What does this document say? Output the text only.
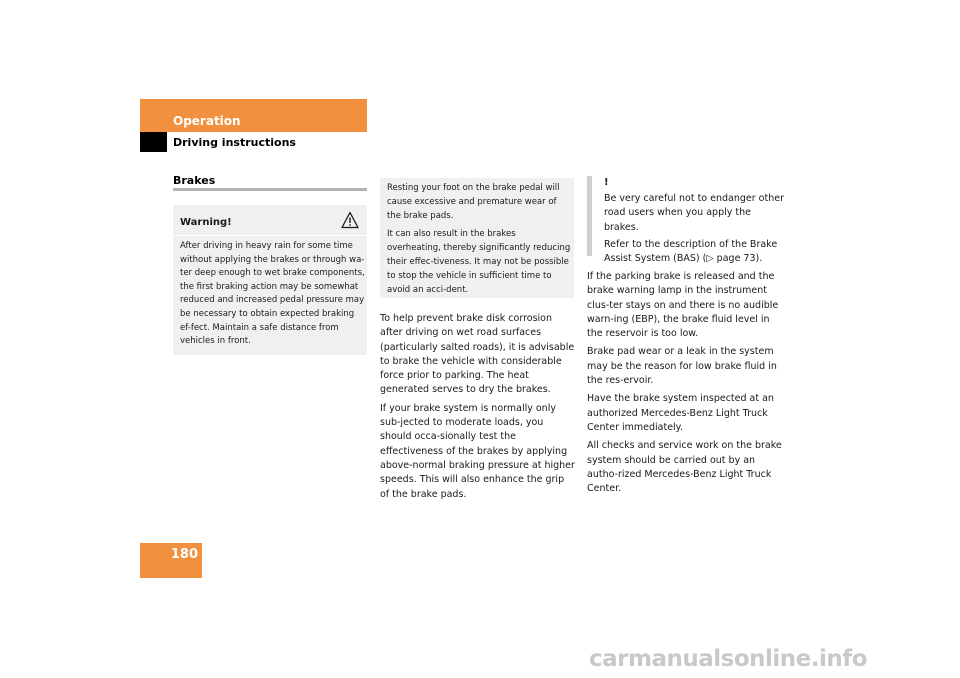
Operation
Driving instructions
Brakes
Warning!
After driving in heavy rain for some time without applying the brakes or through wa-ter deep enough to wet brake components, the first braking action may be somewhat reduced and increased pedal pressure may be necessary to obtain expected braking ef-fect. Maintain a safe distance from vehicles in front.

Resting your foot on the brake pedal will cause excessive and premature wear of the brake pads.

It can also result in the brakes overheating, thereby significantly reducing their effec-tiveness. It may not be possible to stop the vehicle in sufficient time to avoid an acci-dent.

To help prevent brake disk corrosion after driving on wet road surfaces (particularly salted roads), it is advisable to brake the vehicle with considerable force prior to parking. The heat generated serves to dry the brakes.

If your brake system is normally only sub-jected to moderate loads, you should occa-sionally test the effectiveness of the brakes by applying above-normal braking pressure at higher speeds. This will also enhance the grip of the brake pads.

!

Be very careful not to endanger other road users when you apply the brakes.

Refer to the description of the Brake Assist System (BAS) (▷ page 73).

If the parking brake is released and the brake warning lamp in the instrument clus-ter stays on and there is no audible warn-ing (EBP), the brake fluid level in the reservoir is too low.

Brake pad wear or a leak in the system may be the reason for low brake fluid in the res-ervoir.

Have the brake system inspected at an authorized Mercedes-Benz Light Truck Center immediately.

All checks and service work on the brake system should be carried out by an autho-rized Mercedes-Benz Light Truck Center.

180
carmanualsonline.info
